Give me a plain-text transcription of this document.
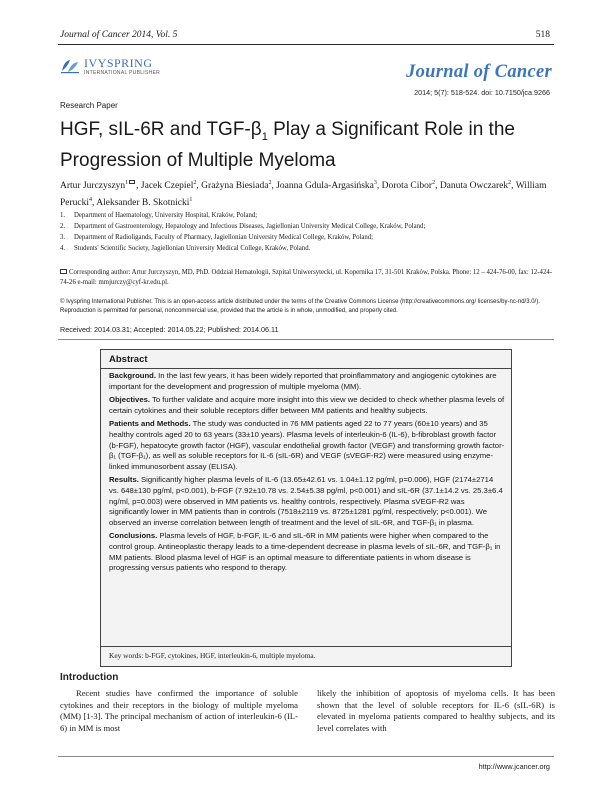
Journal of Cancer 2014, Vol. 5	518
IVYSPRING
INTERNATIONAL PUBLISHER	Journal of Cancer
2014; 5(7): 518-524. doi: 10.7150/jca.9266
Research Paper
HGF, sIL-6R and TGF-$\beta_1$ Play a Significant Role in the
Progression of Multiple Myeloma
Artur Jurczyszyn$^1$ , Jacek Czepiel$^2$, Grażyna Biesiada$^2$, Joanna Gdula-Argasińska$^3$, Dorota Cibor$^2$, Danuta Owczarek$^2$, William Perucki$^4$, Aleksander B. Skotnicki$^1$
1. Department of Haematology, University Hospital, Kraków, Poland;
2. Department of Gastroenterology, Hepatology and Infectious Diseases, Jagiellonian University Medical College, Kraków, Poland;
3. Department of Radioligands, Faculty of Pharmacy, Jagiellonian University Medical College, Kraków, Poland;
4. Students' Scientific Society, Jagiellonian University Medical College, Kraków, Poland.
Corresponding author: Artur Jurczyszyn, MD, PhD. Oddział Hematologii, Szpital Uniwersytecki, ul. Kopernika 17, 31-501 Kraków, Polska. Phone: 12 – 424-76-00, fax: 12-424-74-26 e-mail: mmjurczy@cyf-kr.edu.pl.
© Ivyspring International Publisher. This is an open-access article distributed under the terms of the Creative Commons License (http://creativecommons.org/ licenses/by-nc-nd/3.0/). Reproduction is permitted for personal, noncommercial use, provided that the article is in whole, unmodified, and properly cited.
Received: 2014.03.31; Accepted: 2014.05.22; Published: 2014.06.11
Abstract

Background. In the last few years, it has been widely reported that proinflammatory and angiogenic cytokines are important for the development and progression of multiple myeloma (MM).

Objectives. To further validate and acquire more insight into this view we decided to check whether plasma levels of certain cytokines and their soluble receptors differ between MM patients and healthy subjects.

Patients and Methods. The study was conducted in 76 MM patients aged 22 to 77 years (60±10 years) and 35 healthy controls aged 20 to 63 years (33±10 years). Plasma levels of interleukin-6 (IL-6), b-fibroblast growth factor (b-FGF), hepatocyte growth factor (HGF), vascular endothelial growth factor (VEGF) and transforming growth factor-β₁ (TGF-β₁), as well as soluble receptors for IL-6 (sIL-6R) and VEGF (sVEGF-R2) were measured using enzyme-linked immunosorbent assay (ELISA).

Results. Significantly higher plasma levels of IL-6 (13.65±42.61 vs. 1.04±1.12 pg/ml, p=0.006), HGF (2174±2714 vs. 648±130 pg/ml, p<0.001), b-FGF (7.92±10.78 vs. 2.54±5.38 pg/ml, p<0.001) and sIL-6R (37.1±14.2 vs. 25.3±6.4 ng/ml, p=0.003) were observed in MM patients vs. healthy controls, respectively. Plasma sVEGF-R2 was significantly lower in MM patients than in controls (7518±2119 vs. 8725±1281 pg/ml, respectively; p<0.001). We observed an inverse correlation between length of treatment and the level of sIL-6R, and TGF-β₁ in plasma.

Conclusions. Plasma levels of HGF, b-FGF, IL-6 and sIL-6R in MM patients were higher when compared to the control group. Antineoplastic therapy leads to a time-dependent decrease in plasma levels of sIL-6R, and TGF-β₁ in MM patients. Blood plasma level of HGF is an optimal measure to differentiate patients in whom disease is progressing versus patients who respond to therapy.

Key words: b-FGF, cytokines, HGF, interleukin-6, multiple myeloma.
Introduction
Recent studies have confirmed the importance of soluble cytokines and their receptors in the biology of multiple myeloma (MM) [1-3]. The principal mechanism of action of interleukin-6 (IL-6) in MM is most
likely the inhibition of apoptosis of myeloma cells. It has been shown that the level of soluble receptors for IL-6 (sIL-6R) is elevated in myeloma patients compared to healthy subjects, and its level correlates with
http://www.jcancer.org
